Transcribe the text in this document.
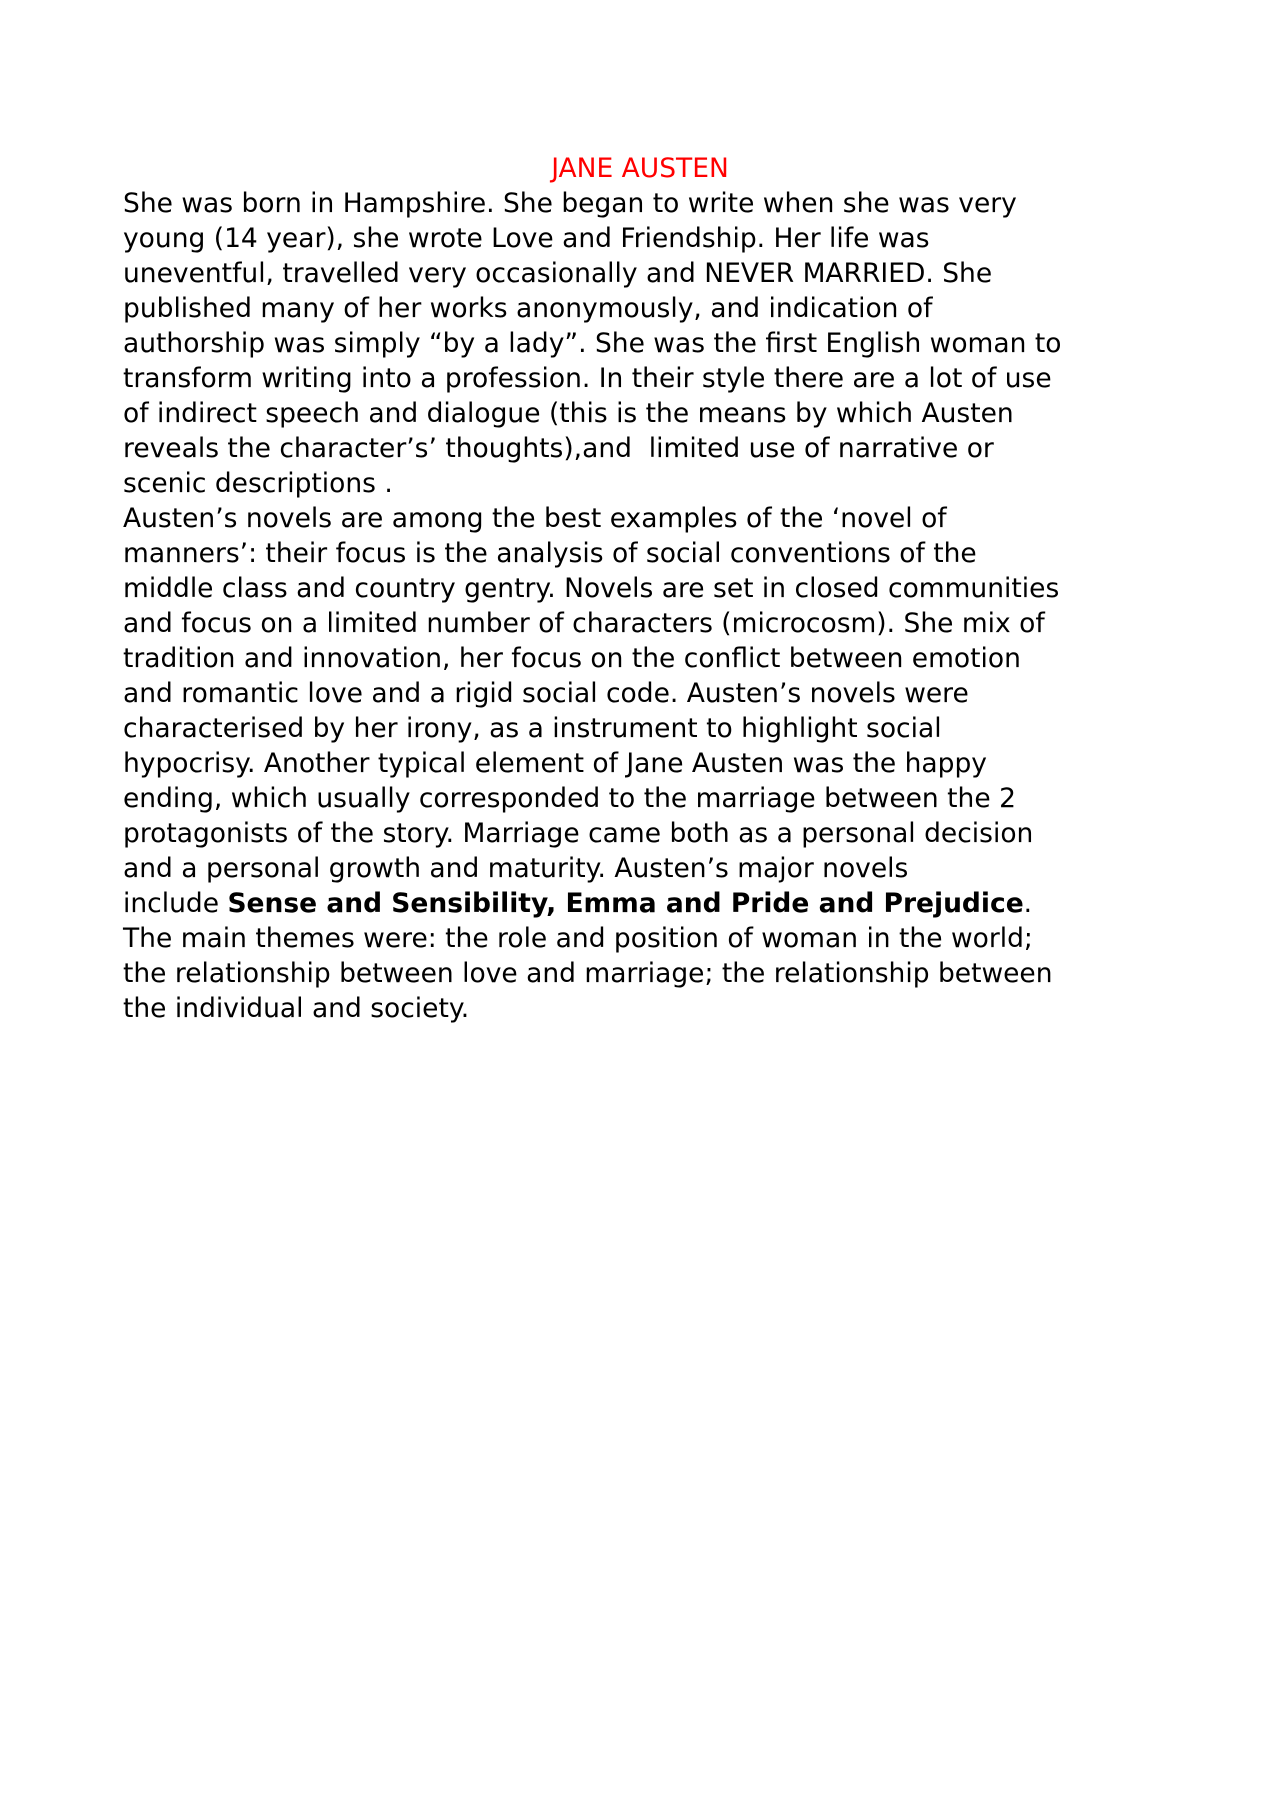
JANE AUSTEN
She was born in Hampshire. She began to write when she was very
young (14 year), she wrote Love and Friendship. Her life was
uneventful, travelled very occasionally and NEVER MARRIED. She
published many of her works anonymously, and indication of
authorship was simply “by a lady”. She was the first English woman to
transform writing into a profession. In their style there are a lot of use
of indirect speech and dialogue (this is the means by which Austen
reveals the character’s’ thoughts),and  limited use of narrative or
scenic descriptions .
Austen’s novels are among the best examples of the ‘novel of
manners’: their focus is the analysis of social conventions of the
middle class and country gentry. Novels are set in closed communities
and focus on a limited number of characters (microcosm). She mix of
tradition and innovation, her focus on the conflict between emotion
and romantic love and a rigid social code. Austen’s novels were
characterised by her irony, as a instrument to highlight social
hypocrisy. Another typical element of Jane Austen was the happy
ending, which usually corresponded to the marriage between the 2
protagonists of the story. Marriage came both as a personal decision
and a personal growth and maturity. Austen’s major novels
include Sense and Sensibility, Emma and Pride and Prejudice.
The main themes were: the role and position of woman in the world;
the relationship between love and marriage; the relationship between
the individual and society.
